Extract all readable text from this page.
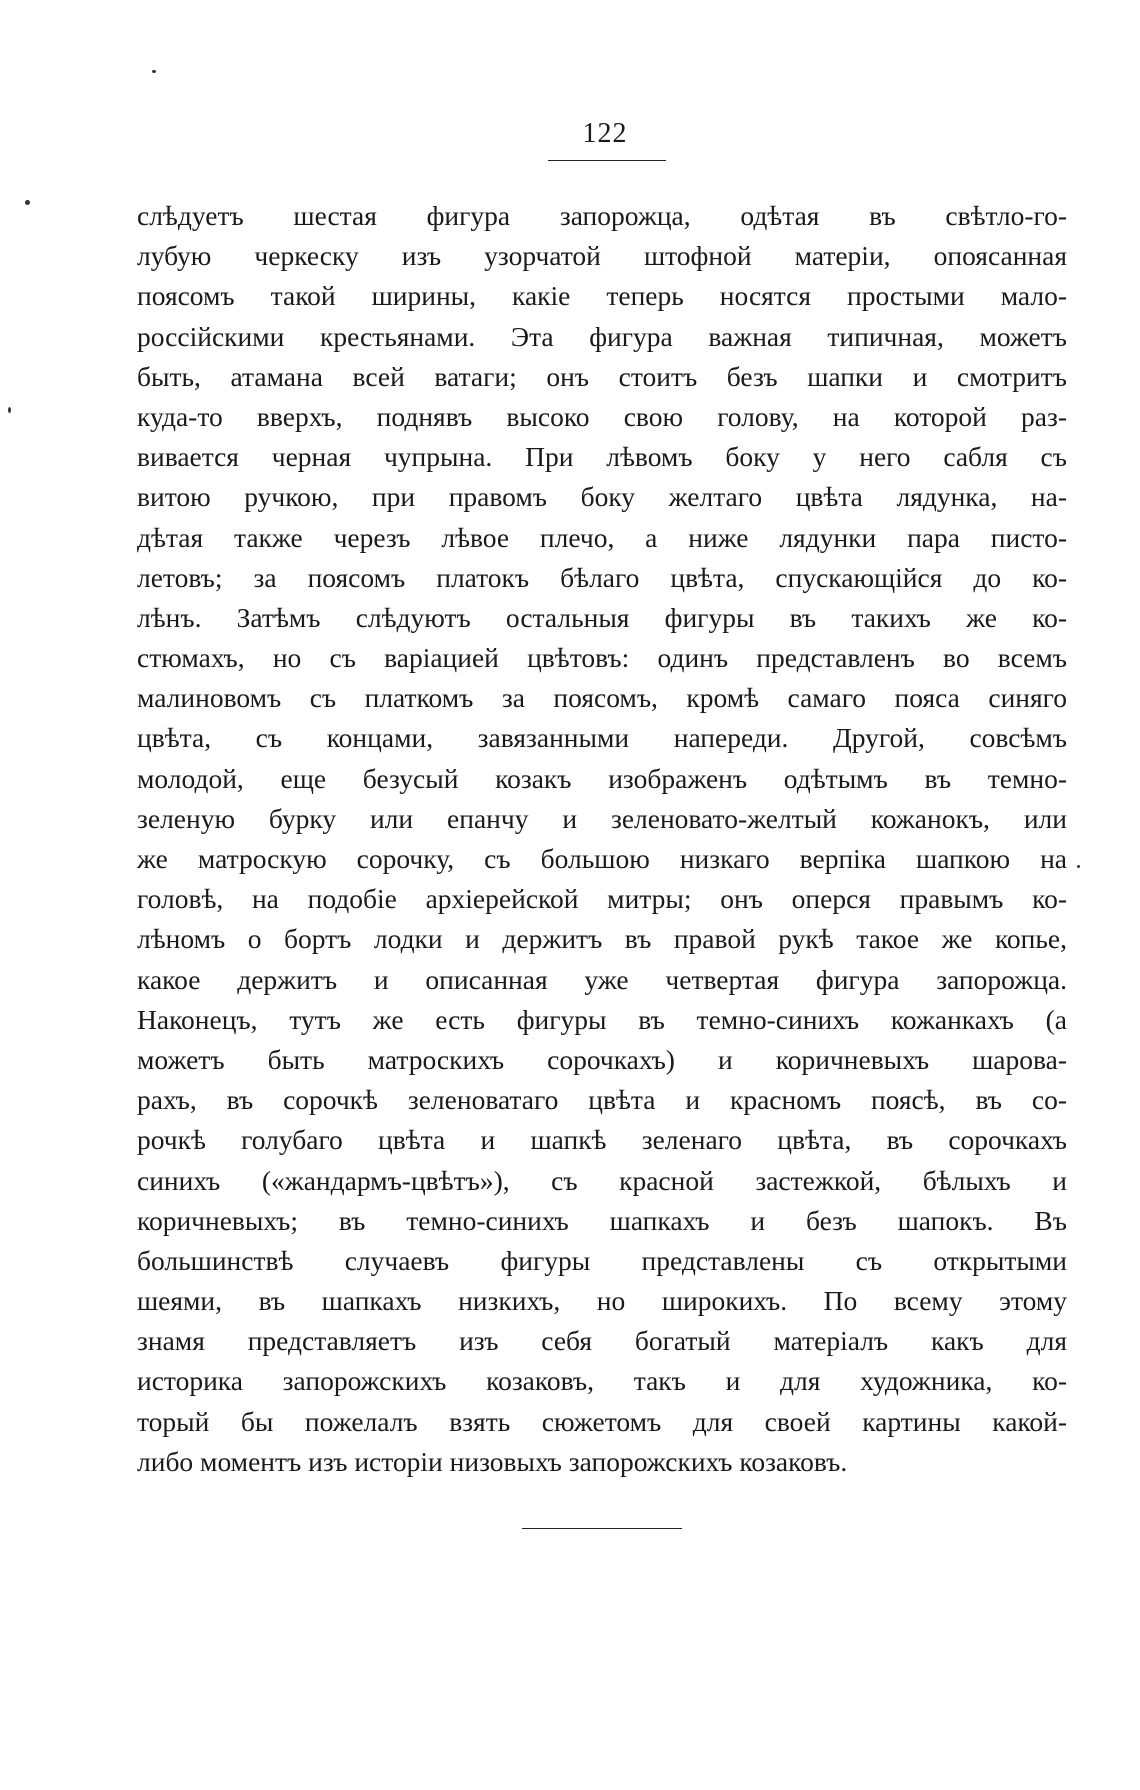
122
слѣдуетъ шестая фигура запорожца, одѣтая въ свѣтло-го-
лубую черкеску изъ узорчатой штофной матеріи, опоясанная
поясомъ такой ширины, какіе теперь носятся простыми мало-
россійскими крестьянами. Эта фигура важная типичная, можетъ
быть, атамана всей ватаги; онъ стоитъ безъ шапки и смотритъ
куда-то вверхъ, поднявъ высоко свою голову, на которой раз-
вивается черная чупрына. При лѣвомъ боку у него сабля съ
витою ручкою, при правомъ боку желтаго цвѣта лядунка, на-
дѣтая также черезъ лѣвое плечо, а ниже лядунки пара писто-
летовъ; за поясомъ платокъ бѣлаго цвѣта, спускающійся до ко-
лѣнъ. Затѣмъ слѣдуютъ остальныя фигуры въ такихъ же ко-
стюмахъ, но съ варіацией цвѣтовъ: одинъ представленъ во всемъ
малиновомъ съ платкомъ за поясомъ, кромѣ самаго пояса синяго
цвѣта, съ концами, завязанными напереди. Другой, совсѣмъ
молодой, еще безусый козакъ изображенъ одѣтымъ въ темно-
зеленую бурку или епанчу и зеленовато-желтый кожанокъ, или
же матроскую сорочку, съ большою низкаго верпіка шапкою на
головѣ, на подобіе архіерейской митры; онъ оперся правымъ ко-
лѣномъ о бортъ лодки и держитъ въ правой рукѣ такое же копье,
какое держитъ и описанная уже четвертая фигура запорожца.
Наконецъ, тутъ же есть фигуры въ темно-синихъ кожанкахъ (а
можетъ быть матроскихъ сорочкахъ) и коричневыхъ шарова-
рахъ, въ сорочкѣ зеленоватаго цвѣта и красномъ поясѣ, въ со-
рочкѣ голубаго цвѣта и шапкѣ зеленаго цвѣта, въ сорочкахъ
синихъ («жандармъ-цвѣтъ»), съ красной застежкой, бѣлыхъ и
коричневыхъ; въ темно-синихъ шапкахъ и безъ шапокъ. Въ
большинствѣ случаевъ фигуры представлены съ открытыми
шеями, въ шапкахъ низкихъ, но широкихъ. По всему этому
знамя представляетъ изъ себя богатый матеріалъ какъ для
историка запорожскихъ козаковъ, такъ и для художника, ко-
торый бы пожелалъ взять сюжетомъ для своей картины какой-
либо моментъ изъ исторіи низовыхъ запорожскихъ козаковъ.
